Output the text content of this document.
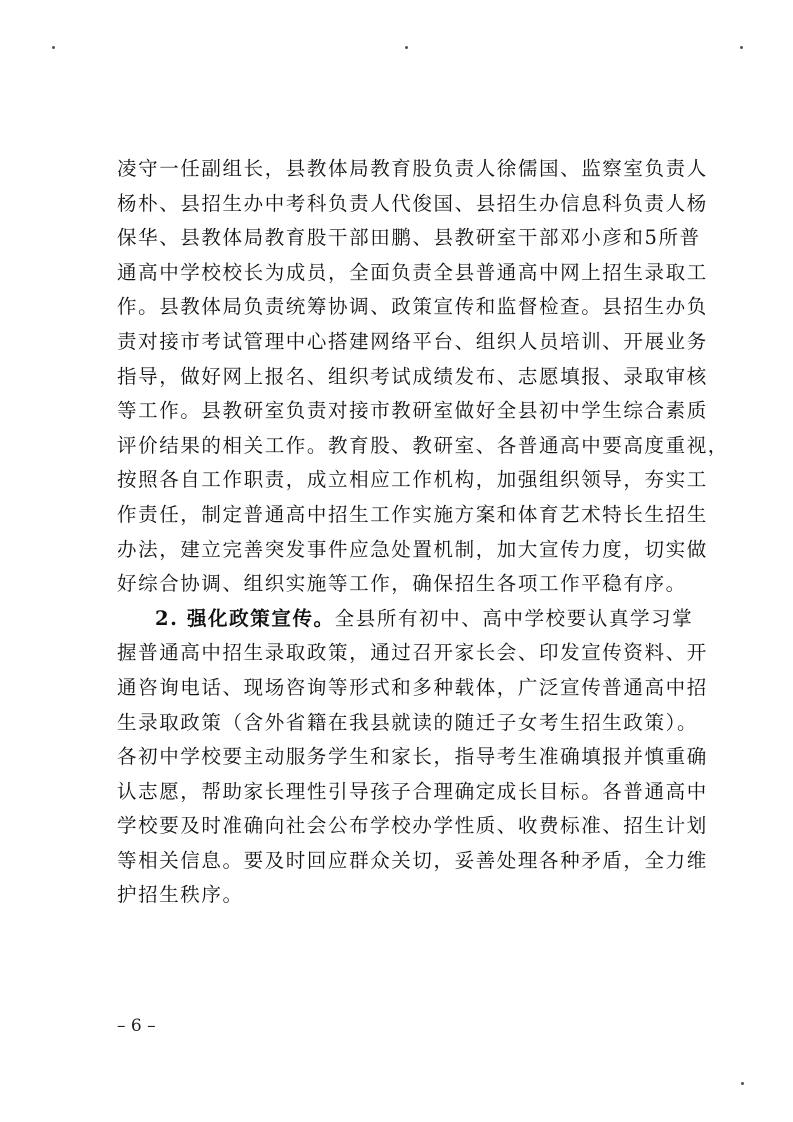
凌守一任副组长，县教体局教育股负责人徐儒国、监察室负责人
杨朴、县招生办中考科负责人代俊国、县招生办信息科负责人杨
保华、县教体局教育股干部田鹏、县教研室干部邓小彦和5所普
通高中学校校长为成员，全面负责全县普通高中网上招生录取工
作。县教体局负责统筹协调、政策宣传和监督检查。县招生办负
责对接市考试管理中心搭建网络平台、组织人员培训、开展业务
指导，做好网上报名、组织考试成绩发布、志愿填报、录取审核
等工作。县教研室负责对接市教研室做好全县初中学生综合素质
评价结果的相关工作。教育股、教研室、各普通高中要高度重视，
按照各自工作职责，成立相应工作机构，加强组织领导，夯实工
作责任，制定普通高中招生工作实施方案和体育艺术特长生招生
办法，建立完善突发事件应急处置机制，加大宣传力度，切实做
好综合协调、组织实施等工作，确保招生各项工作平稳有序。
2. 强化政策宣传。全县所有初中、高中学校要认真学习掌
握普通高中招生录取政策，通过召开家长会、印发宣传资料、开
通咨询电话、现场咨询等形式和多种载体，广泛宣传普通高中招
生录取政策（含外省籍在我县就读的随迁子女考生招生政策）。
各初中学校要主动服务学生和家长，指导考生准确填报并慎重确
认志愿，帮助家长理性引导孩子合理确定成长目标。各普通高中
学校要及时准确向社会公布学校办学性质、收费标准、招生计划
等相关信息。要及时回应群众关切，妥善处理各种矛盾，全力维
护招生秩序。
– 6 –
